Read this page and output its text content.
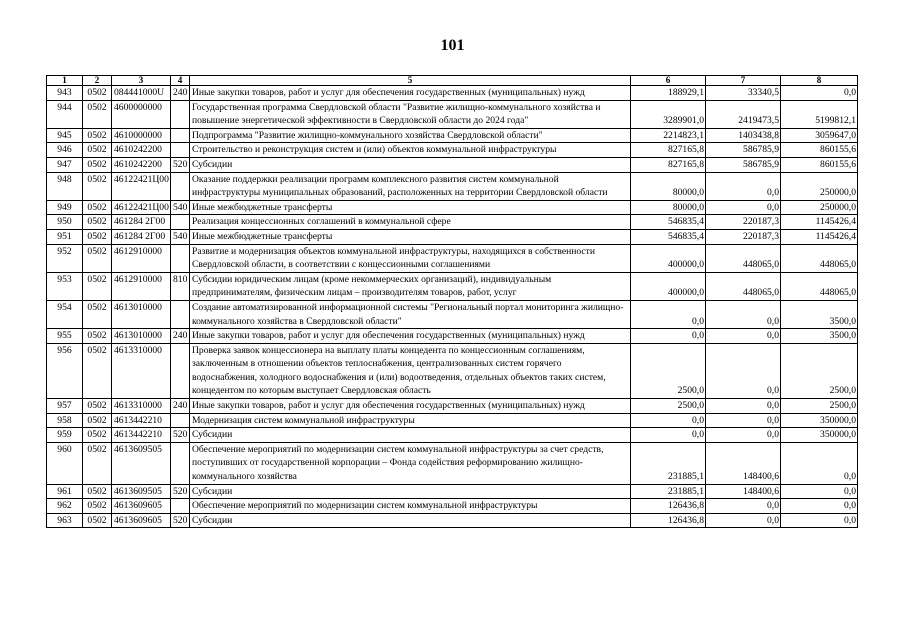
101
1	2	3	4	5	6	7	8
943	0502	084441000U	240	Иные закупки товаров, работ и услуг для обеспечения государственных (муниципальных) нужд	188929,1	33340,5	0,0
944	0502	4600000000		Государственная программа Свердловской области "Развитие жилищно-коммунального хозяйства и повышение энергетической эффективности в Свердловской области до 2024 года"	3289901,0	2419473,5	5199812,1
945	0502	4610000000		Подпрограмма "Развитие жилищно-коммунального хозяйства Свердловской области"	2214823,1	1403438,8	3059647,0
946	0502	4610242200		Строительство и реконструкция систем и (или) объектов коммунальной инфраструктуры	827165,8	586785,9	860155,6
947	0502	4610242200	520	Субсидии	827165,8	586785,9	860155,6
948	0502	46122421Ц00		Оказание поддержки реализации программ комплексного развития систем коммунальной инфраструктуры муниципальных образований, расположенных на территории Свердловской области	80000,0	0,0	250000,0
949	0502	46122421Ц00	540	Иные межбюджетные трансферты	80000,0	0,0	250000,0
950	0502	461284 2Г00		Реализация концессионных соглашений в коммунальной сфере	546835,4	220187,3	1145426,4
951	0502	461284 2Г00	540	Иные межбюджетные трансферты	546835,4	220187,3	1145426,4
952	0502	4612910000		Развитие и модернизация объектов коммунальной инфраструктуры, находящихся в собственности Свердловской области, в соответствии с концессионными соглашениями	400000,0	448065,0	448065,0
953	0502	4612910000	810	Субсидии юридическим лицам (кроме некоммерческих организаций), индивидуальным предпринимателям, физическим лицам – производителям товаров, работ, услуг	400000,0	448065,0	448065,0
954	0502	4613010000		Создание автоматизированной информационной системы "Региональный портал мониторинга жилищно-коммунального хозяйства в Свердловской области"	0,0	0,0	3500,0
955	0502	4613010000	240	Иные закупки товаров, работ и услуг для обеспечения государственных (муниципальных) нужд	0,0	0,0	3500,0
956	0502	4613310000		Проверка заявок концессионера на выплату платы концедента по концессионным соглашениям, заключенным в отношении объектов теплоснабжения, централизованных систем горячего водоснабжения, холодного водоснабжения и (или) водоотведения, отдельных объектов таких систем, концедентом по которым выступает Свердловская область	2500,0	0,0	2500,0
957	0502	4613310000	240	Иные закупки товаров, работ и услуг для обеспечения государственных (муниципальных) нужд	2500,0	0,0	2500,0
958	0502	4613442210		Модернизация систем коммунальной инфраструктуры	0,0	0,0	350000,0
959	0502	4613442210	520	Субсидии	0,0	0,0	350000,0
960	0502	4613609505		Обеспечение мероприятий по модернизации систем коммунальной инфраструктуры за счет средств, поступивших от государственной корпорации – Фонда содействия реформированию жилищно-коммунального хозяйства	231885,1	148400,6	0,0
961	0502	4613609505	520	Субсидии	231885,1	148400,6	0,0
962	0502	4613609605		Обеспечение мероприятий по модернизации систем коммунальной инфраструктуры	126436,8	0,0	0,0
963	0502	4613609605	520	Субсидии	126436,8	0,0	0,0
